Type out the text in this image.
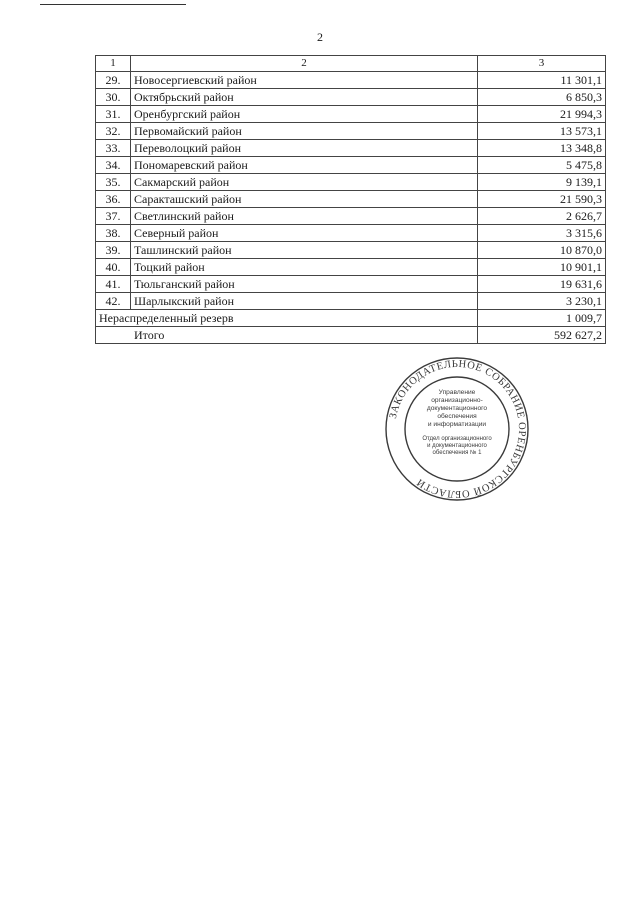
2
1	2	3
29.	Новосергиевский район	11 301,1
30.	Октябрьский район	6 850,3
31.	Оренбургский район	21 994,3
32.	Первомайский район	13 573,1
33.	Переволоцкий район	13 348,8
34.	Пономаревский район	5 475,8
35.	Сакмарский район	9 139,1
36.	Саракташский район	21 590,3
37.	Светлинский район	2 626,7
38.	Северный район	3 315,6
39.	Ташлинский район	10 870,0
40.	Тоцкий район	10 901,1
41.	Тюльганский район	19 631,6
42.	Шарлыкский район	3 230,1
Нераспределенный резерв		1 009,7
Итого		592 627,2
ЗАКОНОДАТЕЛЬНОЕ СОБРАНИЕ ОРЕНБУРГСКОЙ ОБЛАСТИ
Управление
организационно-
документационного
обеспечения
и информатизации
Отдел организационного
и документационного
обеспечения № 1
